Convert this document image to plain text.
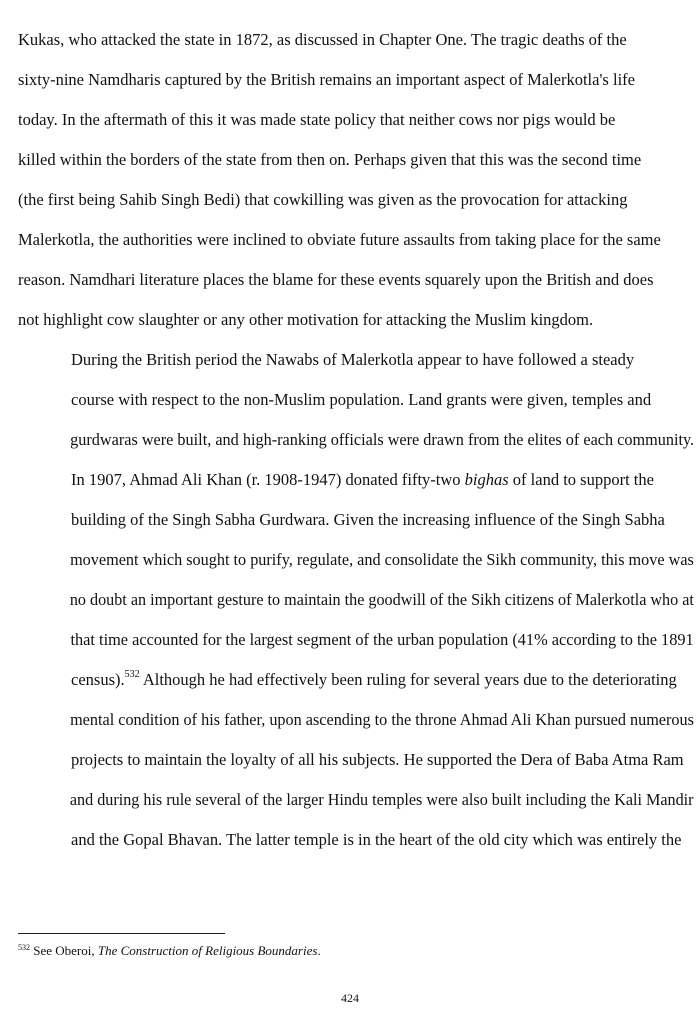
Kukas, who attacked the state in 1872, as discussed in Chapter One. The tragic deaths of the
sixty-nine Namdharis captured by the British remains an important aspect of Malerkotla's life
today. In the aftermath of this it was made state policy that neither cows nor pigs would be
killed within the borders of the state from then on. Perhaps given that this was the second time
(the first being Sahib Singh Bedi) that cowkilling was given as the provocation for attacking
Malerkotla, the authorities were inclined to obviate future assaults from taking place for the same
reason. Namdhari literature places the blame for these events squarely upon the British and does
not highlight cow slaughter or any other motivation for attacking the Muslim kingdom.

During the British period the Nawabs of Malerkotla appear to have followed a steady
course with respect to the non-Muslim population. Land grants were given, temples and
gurdwaras were built, and high-ranking officials were drawn from the elites of each community.
In 1907, Ahmad Ali Khan (r. 1908-1947) donated fifty-two bighas of land to support the
building of the Singh Sabha Gurdwara. Given the increasing influence of the Singh Sabha
movement which sought to purify, regulate, and consolidate the Sikh community, this move was
no doubt an important gesture to maintain the goodwill of the Sikh citizens of Malerkotla who at
that time accounted for the largest segment of the urban population (41% according to the 1891
census).$^{532}$ Although he had effectively been ruling for several years due to the deteriorating
mental condition of his father, upon ascending to the throne Ahmad Ali Khan pursued numerous
projects to maintain the loyalty of all his subjects. He supported the Dera of Baba Atma Ram
and during his rule several of the larger Hindu temples were also built including the Kali Mandir
and the Gopal Bhavan. The latter temple is in the heart of the old city which was entirely the

$^{532}$ See Oberoi, The Construction of Religious Boundaries.
424
